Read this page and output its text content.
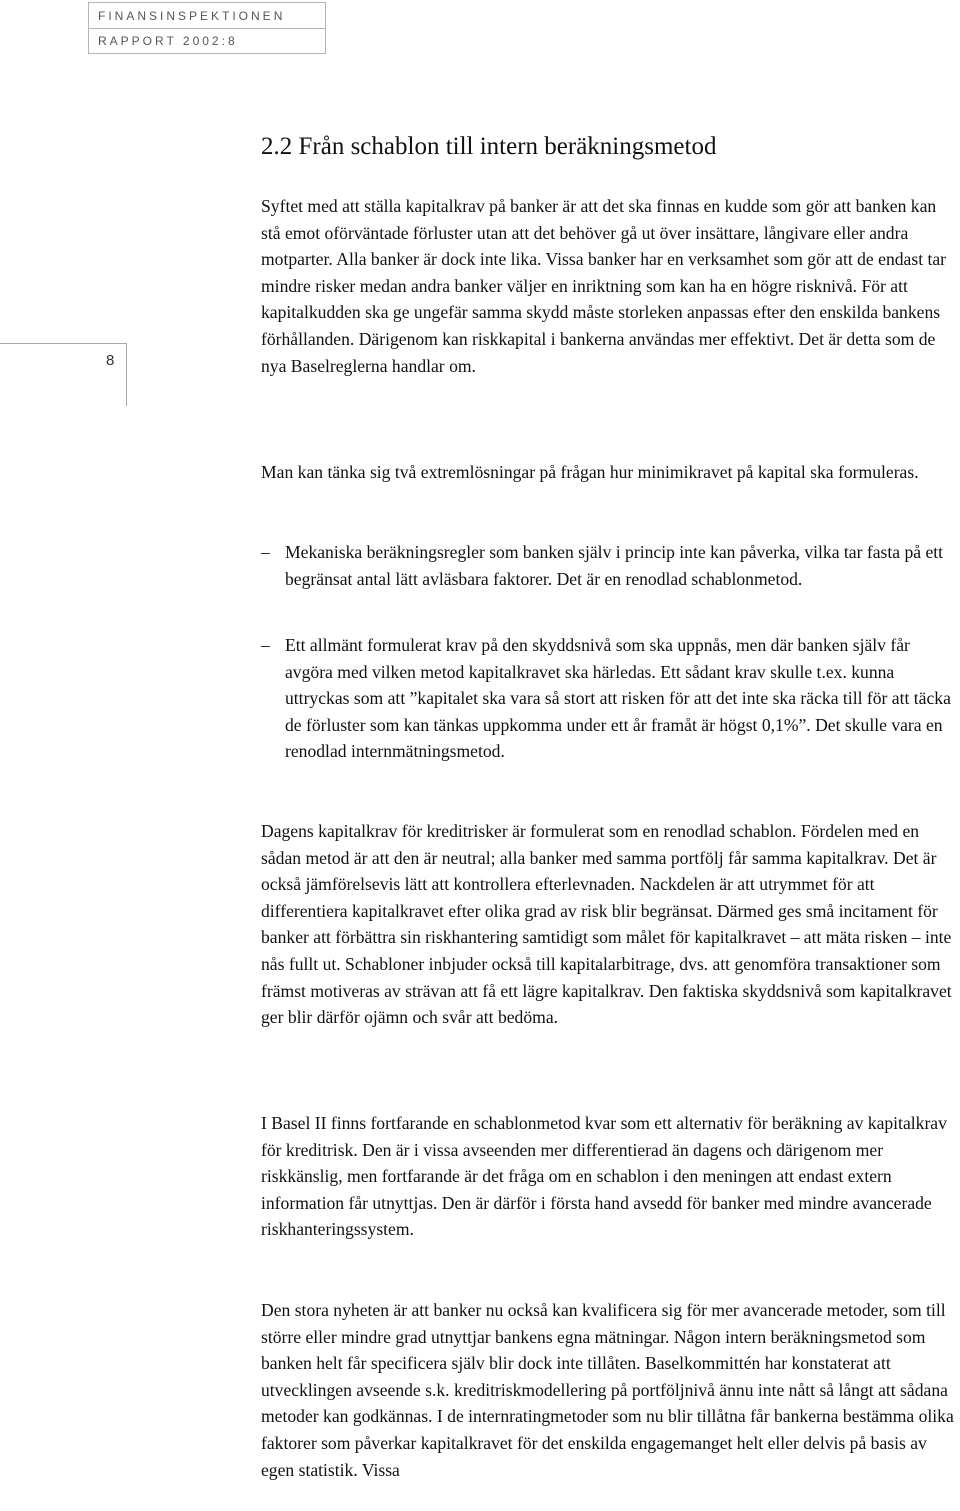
FINANSINSPEKTIONEN
RAPPORT 2002:8
8
2.2 Från schablon till intern beräkningsmetod

Syftet med att ställa kapitalkrav på banker är att det ska finnas en kudde som gör att banken kan stå emot oförväntade förluster utan att det behöver gå ut över insättare, långivare eller andra motparter. Alla banker är dock inte lika. Vissa banker har en verksamhet som gör att de endast tar mindre risker medan andra banker väljer en inriktning som kan ha en högre risknivå. För att kapitalkudden ska ge ungefär samma skydd måste storleken anpassas efter den enskilda bankens förhållanden. Därigenom kan riskkapital i bankerna användas mer effektivt. Det är detta som de nya Baselreglerna handlar om.

Man kan tänka sig två extremlösningar på frågan hur minimikravet på kapital ska formuleras.

– Mekaniska beräkningsregler som banken själv i princip inte kan påverka, vilka tar fasta på ett begränsat antal lätt avläsbara faktorer. Det är en renodlad schablonmetod.

– Ett allmänt formulerat krav på den skyddsnivå som ska uppnås, men där banken själv får avgöra med vilken metod kapitalkravet ska härledas. Ett sådant krav skulle t.ex. kunna uttryckas som att ”kapitalet ska vara så stort att risken för att det inte ska räcka till för att täcka de förluster som kan tänkas uppkomma under ett år framåt är högst 0,1%”. Det skulle vara en renodlad internmätningsmetod.

Dagens kapitalkrav för kreditrisker är formulerat som en renodlad schablon. Fördelen med en sådan metod är att den är neutral; alla banker med samma portfölj får samma kapitalkrav. Det är också jämförelsevis lätt att kontrollera efterlevnaden. Nackdelen är att utrymmet för att differentiera kapitalkravet efter olika grad av risk blir begränsat. Därmed ges små incitament för banker att förbättra sin riskhantering samtidigt som målet för kapitalkravet – att mäta risken – inte nås fullt ut. Schabloner inbjuder också till kapitalarbitrage, dvs. att genomföra transaktioner som främst motiveras av strävan att få ett lägre kapitalkrav. Den faktiska skyddsnivå som kapitalkravet ger blir därför ojämn och svår att bedöma.

I Basel II finns fortfarande en schablonmetod kvar som ett alternativ för beräkning av kapitalkrav för kreditrisk. Den är i vissa avseenden mer differentierad än dagens och därigenom mer riskkänslig, men fortfarande är det fråga om en schablon i den meningen att endast extern information får utnyttjas. Den är därför i första hand avsedd för banker med mindre avancerade riskhanteringssystem.

Den stora nyheten är att banker nu också kan kvalificera sig för mer avancerade metoder, som till större eller mindre grad utnyttjar bankens egna mätningar. Någon intern beräkningsmetod som banken helt får specificera själv blir dock inte tillåten. Baselkommittén har konstaterat att utvecklingen avseende s.k. kreditriskmodellering på portföljnivå ännu inte nått så långt att sådana metoder kan godkännas. I de internratingmetoder som nu blir tillåtna får bankerna bestämma olika faktorer som påverkar kapitalkravet för det enskilda engagemanget helt eller delvis på basis av egen statistik. Vissa
